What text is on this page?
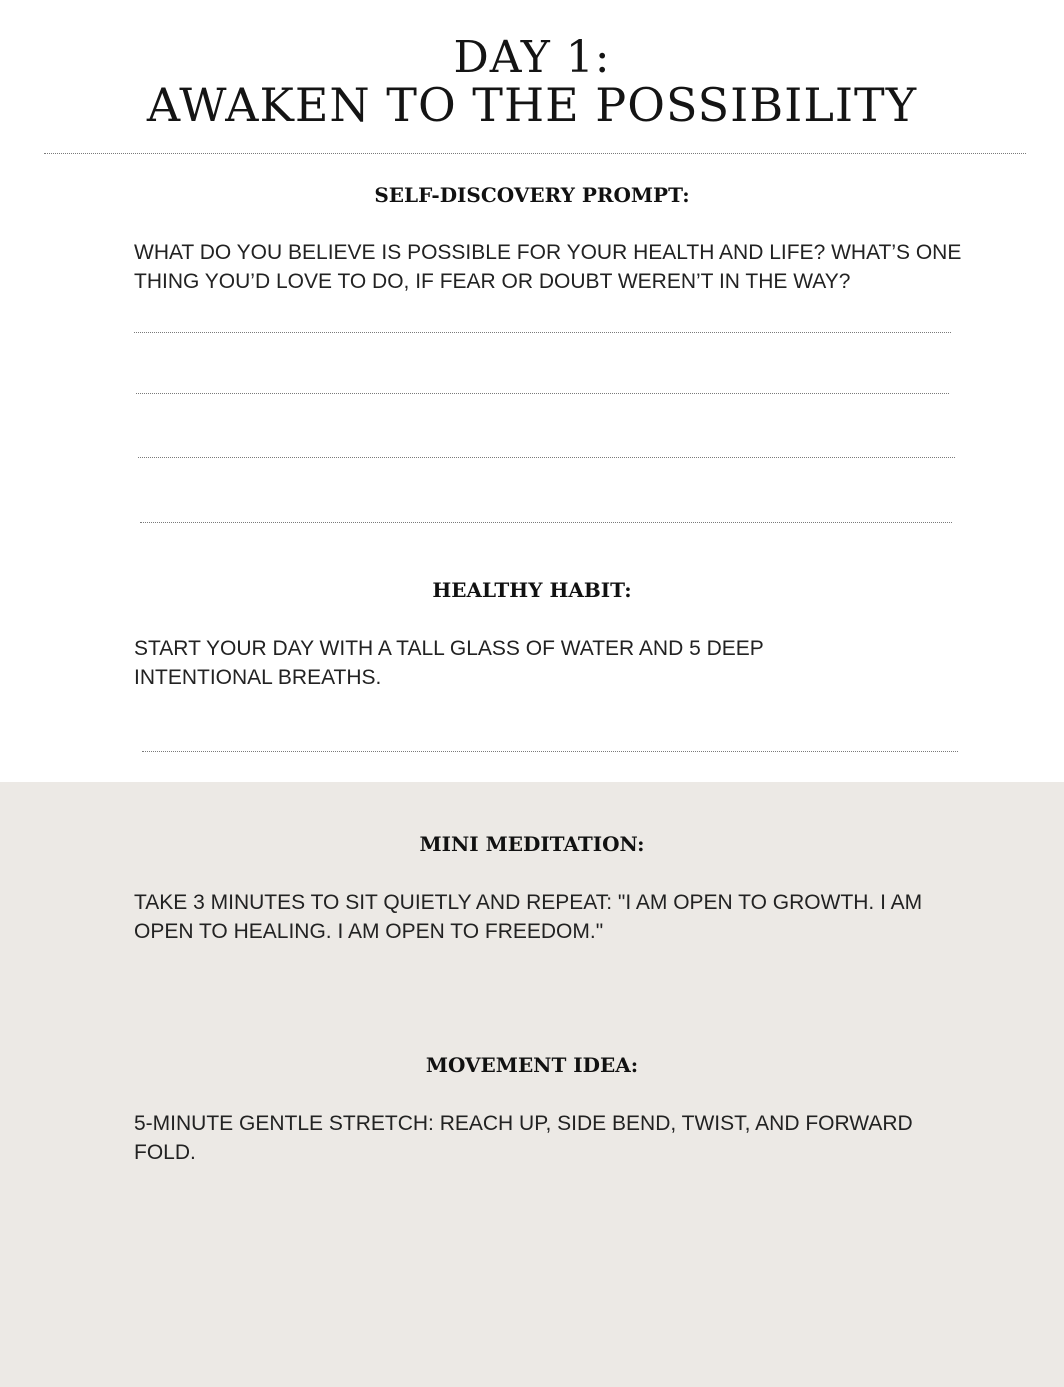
DAY 1:
AWAKEN TO THE POSSIBILITY
SELF-DISCOVERY PROMPT:

WHAT DO YOU BELIEVE IS POSSIBLE FOR YOUR HEALTH AND LIFE? WHAT’S ONE THING YOU’D LOVE TO DO, IF FEAR OR DOUBT WEREN’T IN THE WAY?

HEALTHY HABIT:

START YOUR DAY WITH A TALL GLASS OF WATER AND 5 DEEP INTENTIONAL BREATHS.

MINI MEDITATION:

TAKE 3 MINUTES TO SIT QUIETLY AND REPEAT: "I AM OPEN TO GROWTH. I AM OPEN TO HEALING. I AM OPEN TO FREEDOM."

MOVEMENT IDEA:

5-MINUTE GENTLE STRETCH: REACH UP, SIDE BEND, TWIST, AND FORWARD FOLD.
